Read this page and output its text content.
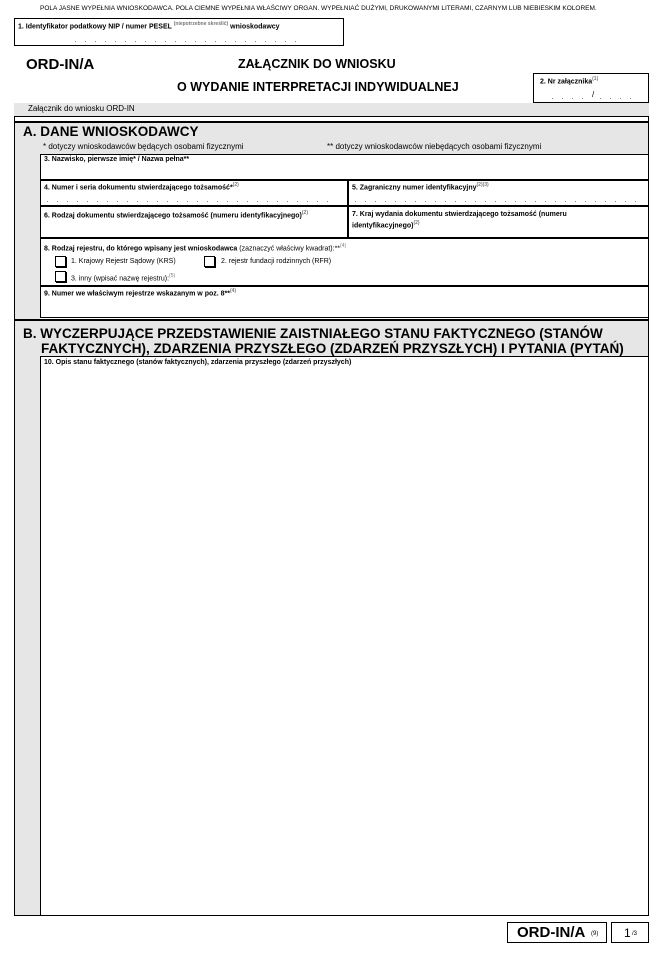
POLA JASNE WYPEŁNIA WNIOSKODAWCA. POLA CIEMNE WYPEŁNIA WŁAŚCIWY ORGAN. WYPEŁNIAĆ DUŻYMI, DRUKOWANYMI LITERAMI, CZARNYM LUB NIEBIESKIM KOLOREM.
1. Identyfikator podatkowy NIP / numer PESEL $^{(niepotrzebne skreślić)}$ wnioskodawcy
ORD-IN/A	ZAŁĄCZNIK DO WNIOSKU
O WYDANIE INTERPRETACJI INDYWIDUALNEJ	2. Nr załącznika$^{(1)}$
/
Załącznik do wniosku ORD-IN
A. DANE WNIOSKODAWCY
* dotyczy wnioskodawców będących osobami fizycznymi	** dotyczy wnioskodawców niebędących osobami fizycznymi
3. Nazwisko, pierwsze imię* / Nazwa pełna**
4. Numer i seria dokumentu stwierdzającego tożsamość*$^{(2)}$	5. Zagraniczny numer identyfikacyjny$^{(2)(3)}$
6. Rodzaj dokumentu stwierdzającego tożsamość (numeru identyfikacyjnego)$^{(2)}$	7. Kraj wydania dokumentu stwierdzającego tożsamość (numeru identyfikacyjnego)$^{(2)}$
8. Rodzaj rejestru, do którego wpisany jest wnioskodawca (zaznaczyć właściwy kwadrat):**$^{(4)}$
1. Krajowy Rejestr Sądowy (KRS)	2. rejestr fundacji rodzinnych (RFR)
3. inny (wpisać nazwę rejestru):$^{(5)}$
9. Numer we właściwym rejestrze wskazanym w poz. 8**$^{(4)}$
B. WYCZERPUJĄCE PRZEDSTAWIENIE ZAISTNIAŁEGO STANU FAKTYCZNEGO (STANÓW
FAKTYCZNYCH), ZDARZENIA PRZYSZŁEGO (ZDARZEŃ PRZYSZŁYCH) I PYTANIA (PYTAŃ)
10. Opis stanu faktycznego (stanów faktycznych), zdarzenia przyszłego (zdarzeń przyszłych)
ORD-IN/A (9) 1 /3
